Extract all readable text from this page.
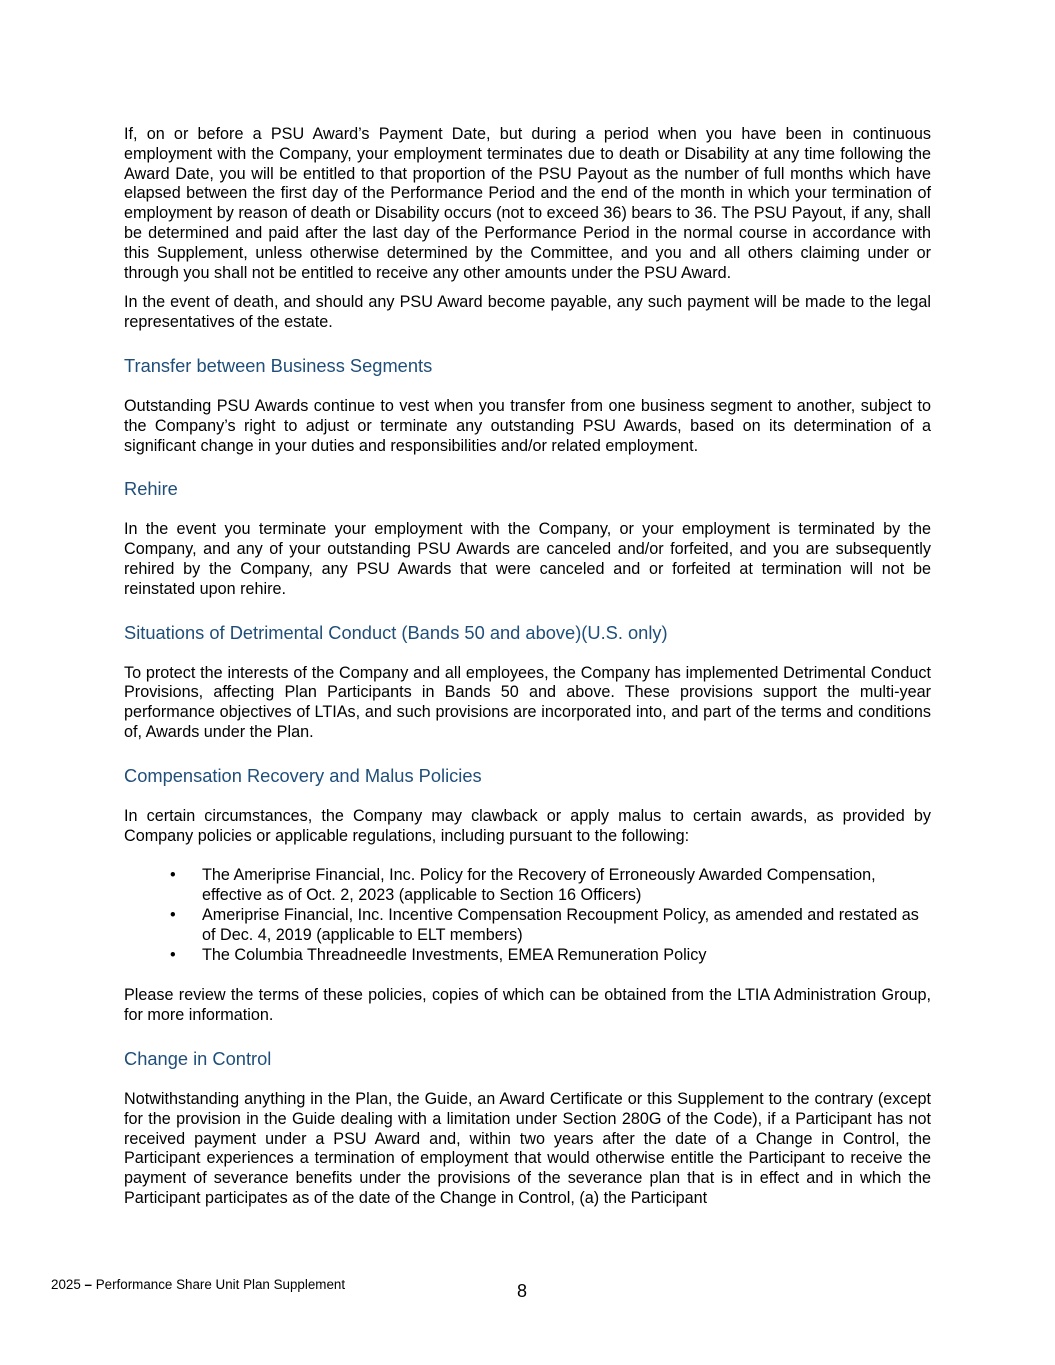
If, on or before a PSU Award’s Payment Date, but during a period when you have been in continuous employment with the Company, your employment terminates due to death or Disability at any time following the Award Date, you will be entitled to that proportion of the PSU Payout as the number of full months which have elapsed between the first day of the Performance Period and the end of the month in which your termination of employment by reason of death or Disability occurs (not to exceed 36) bears to 36. The PSU Payout, if any, shall be determined and paid after the last day of the Performance Period in the normal course in accordance with this Supplement, unless otherwise determined by the Committee, and you and all others claiming under or through you shall not be entitled to receive any other amounts under the PSU Award.

In the event of death, and should any PSU Award become payable, any such payment will be made to the legal representatives of the estate.

Transfer between Business Segments

Outstanding PSU Awards continue to vest when you transfer from one business segment to another, subject to the Company’s right to adjust or terminate any outstanding PSU Awards, based on its determination of a significant change in your duties and responsibilities and/or related employment.

Rehire

In the event you terminate your employment with the Company, or your employment is terminated by the Company, and any of your outstanding PSU Awards are canceled and/or forfeited, and you are subsequently rehired by the Company, any PSU Awards that were canceled and or forfeited at termination will not be reinstated upon rehire.

Situations of Detrimental Conduct (Bands 50 and above)(U.S. only)

To protect the interests of the Company and all employees, the Company has implemented Detrimental Conduct Provisions, affecting Plan Participants in Bands 50 and above. These provisions support the multi-year performance objectives of LTIAs, and such provisions are incorporated into, and part of the terms and conditions of, Awards under the Plan.

Compensation Recovery and Malus Policies

In certain circumstances, the Company may clawback or apply malus to certain awards, as provided by Company policies or applicable regulations, including pursuant to the following:

• The Ameriprise Financial, Inc. Policy for the Recovery of Erroneously Awarded Compensation, effective as of Oct. 2, 2023 (applicable to Section 16 Officers)
• Ameriprise Financial, Inc. Incentive Compensation Recoupment Policy, as amended and restated as of Dec. 4, 2019 (applicable to ELT members)
• The Columbia Threadneedle Investments, EMEA Remuneration Policy

Please review the terms of these policies, copies of which can be obtained from the LTIA Administration Group, for more information.

Change in Control

Notwithstanding anything in the Plan, the Guide, an Award Certificate or this Supplement to the contrary (except for the provision in the Guide dealing with a limitation under Section 280G of the Code), if a Participant has not received payment under a PSU Award and, within two years after the date of a Change in Control, the Participant experiences a termination of employment that would otherwise entitle the Participant to receive the payment of severance benefits under the provisions of the severance plan that is in effect and in which the Participant participates as of the date of the Change in Control, (a) the Participant

2025 – Performance Share Unit Plan Supplement	8
